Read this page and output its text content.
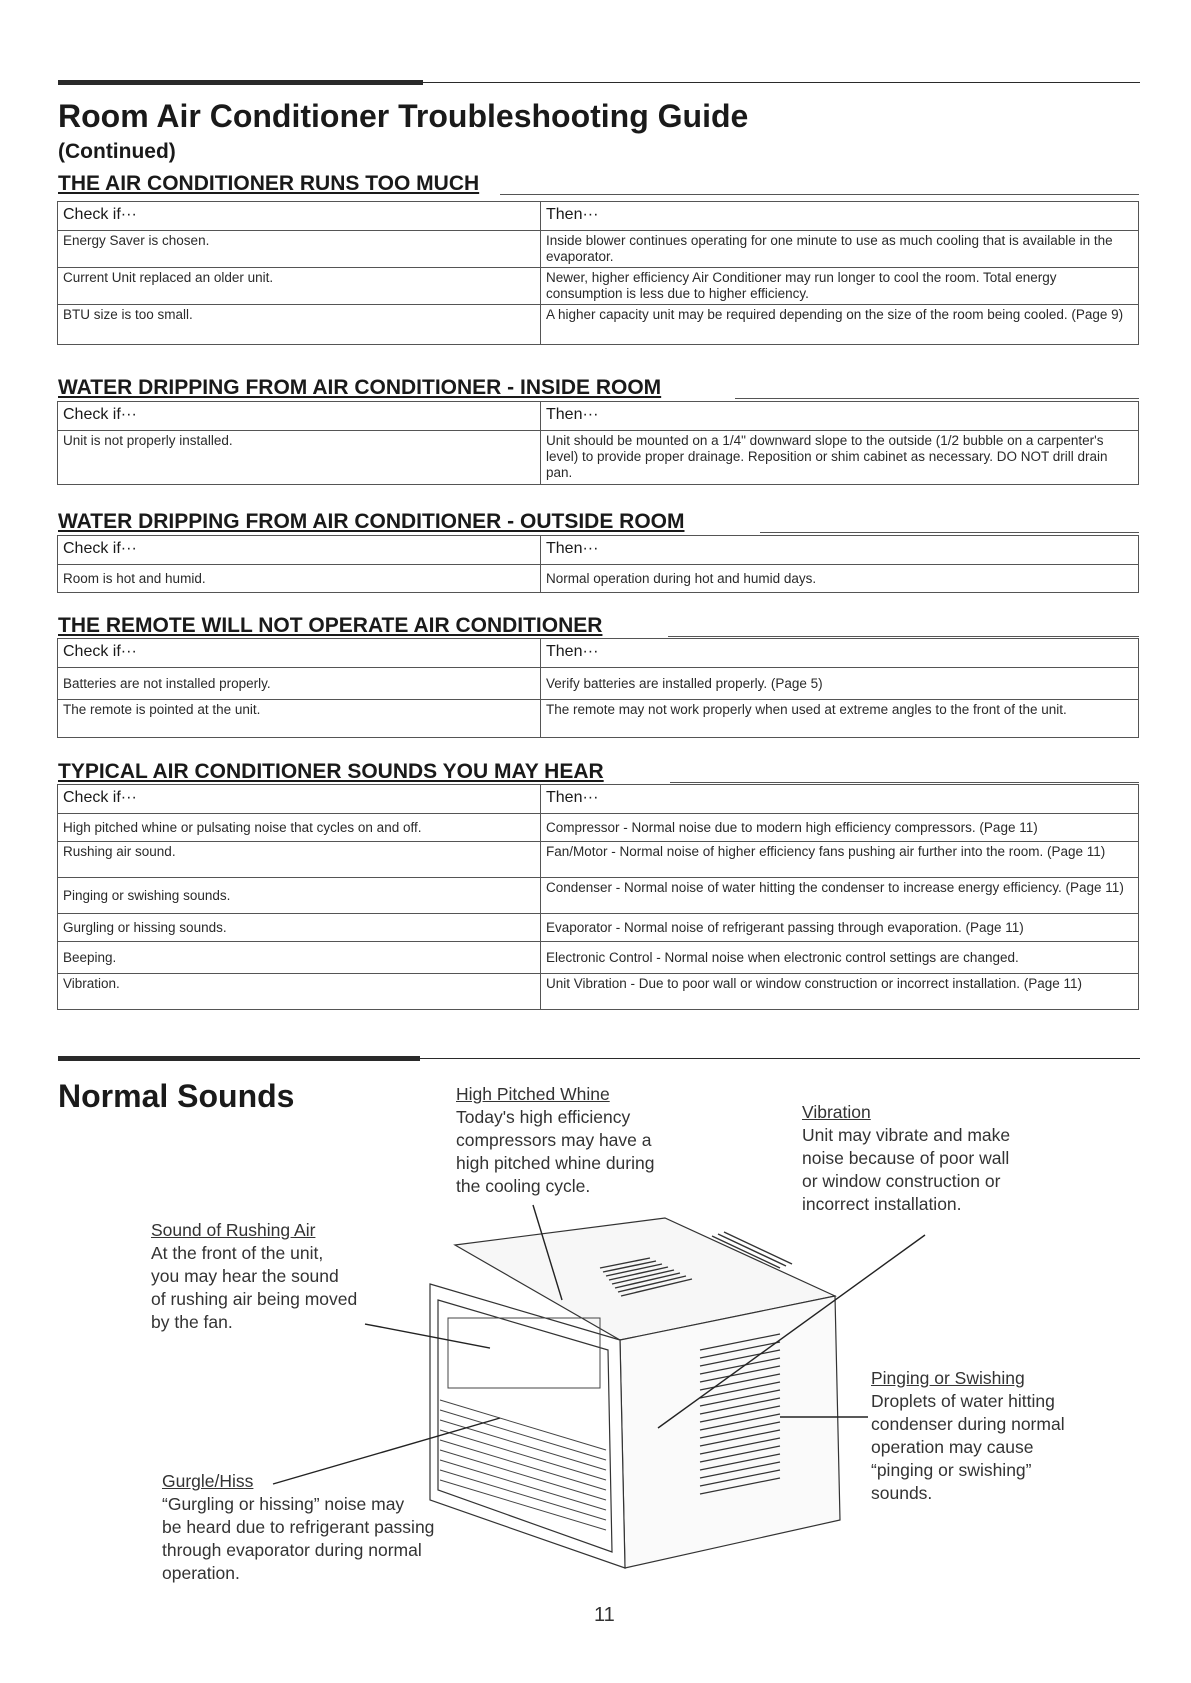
Room Air Conditioner Troubleshooting Guide
(Continued)
THE AIR CONDITIONER RUNS TOO MUCH
Check if···	Then···
Energy Saver is chosen.	Inside blower continues operating for one minute to use as much cooling that is available in the evaporator.
Current Unit replaced an older unit.	Newer, higher efficiency Air Conditioner may run longer to cool the room. Total energy consumption is less due to higher efficiency.
BTU size is too small.	A higher capacity unit may be required depending on the size of the room being cooled. (Page 9)
WATER DRIPPING FROM AIR CONDITIONER - INSIDE ROOM
Check if···	Then···
Unit is not properly installed.	Unit should be mounted on a 1/4" downward slope to the outside (1/2 bubble on a carpenter's level) to provide proper drainage. Reposition or shim cabinet as necessary. DO NOT drill drain pan.
WATER DRIPPING FROM AIR CONDITIONER - OUTSIDE ROOM
Check if···	Then···
Room is hot and humid.	Normal operation during hot and humid days.
THE REMOTE WILL NOT OPERATE AIR CONDITIONER
Check if···	Then···
Batteries are not installed properly.	Verify batteries are installed properly. (Page 5)
The remote is pointed at the unit.	The remote may not work properly when used at extreme angles to the front of the unit.
TYPICAL AIR CONDITIONER SOUNDS YOU MAY HEAR
Check if···	Then···
High pitched whine or pulsating noise that cycles on and off.	Compressor - Normal noise due to modern high efficiency compressors. (Page 11)
Rushing air sound.	Fan/Motor - Normal noise of higher efficiency fans pushing air further into the room. (Page 11)
Pinging or swishing sounds.	Condenser - Normal noise of water hitting the condenser to increase energy efficiency. (Page 11)
Gurgling or hissing sounds.	Evaporator - Normal noise of refrigerant passing through evaporation. (Page 11)
Beeping.	Electronic Control - Normal noise when electronic control settings are changed.
Vibration.	Unit Vibration - Due to poor wall or window construction or incorrect installation. (Page 11)
Normal Sounds	High Pitched Whine
Today's high efficiency
compressors may have a
high pitched whine during
the cooling cycle.
Vibration
Unit may vibrate and make
noise because of poor wall
or window construction or
incorrect installation.
Sound of Rushing Air
At the front of the unit,
you may hear the sound
of rushing air being moved
by the fan.
Pinging or Swishing
Droplets of water hitting
condenser during normal
operation may cause
“pinging or swishing”
sounds.
Gurgle/Hiss
“Gurgling or hissing” noise may
be heard due to refrigerant passing
through evaporator during normal
operation.
11
